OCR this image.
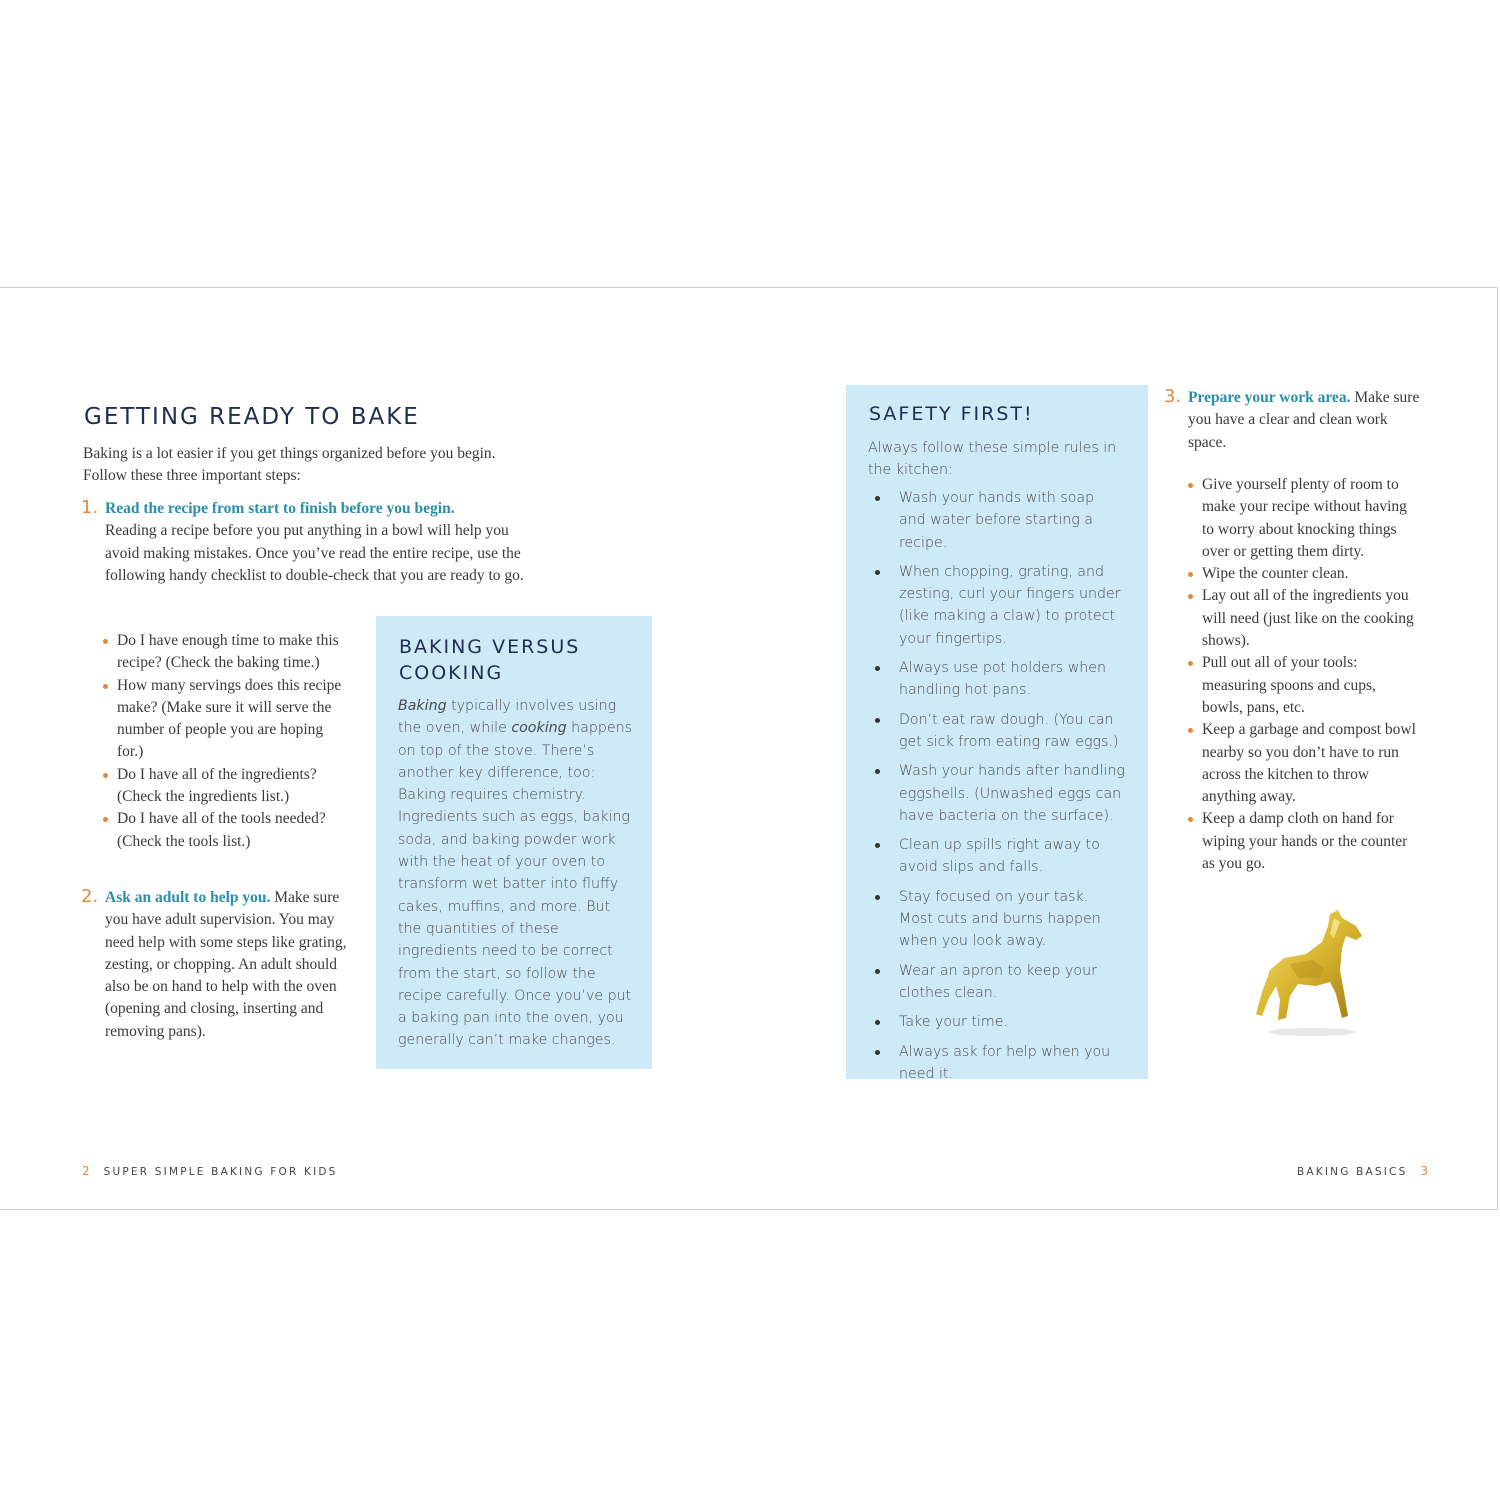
GETTING READY TO BAKE

Baking is a lot easier if you get things organized before you begin. Follow these three important steps:

1. Read the recipe from start to finish before you begin.
Reading a recipe before you put anything in a bowl will help you avoid making mistakes. Once you’ve read the entire recipe, use the following handy checklist to double-check that you are ready to go.
Do I have enough time to make this recipe? (Check the baking time.)
How many servings does this recipe make? (Make sure it will serve the number of people you are hoping for.)
Do I have all of the ingredients? (Check the ingredients list.)
Do I have all of the tools needed? (Check the tools list.)
2. Ask an adult to help you. Make sure you have adult supervision. You may need help with some steps like grating, zesting, or chopping. An adult should also be on hand to help with the oven (opening and closing, inserting and removing pans).
BAKING VERSUS COOKING

Baking typically involves using the oven, while cooking happens on top of the stove. There’s another key difference, too: Baking requires chemistry. Ingredients such as eggs, baking soda, and baking powder work with the heat of your oven to transform wet batter into fluffy cakes, muffins, and more. But the quantities of these ingredients need to be correct from the start, so follow the recipe carefully. Once you’ve put a baking pan into the oven, you generally can’t make changes.

2 SUPER SIMPLE BAKING FOR KIDS
SAFETY FIRST!

Always follow these simple rules in the kitchen:

Wash your hands with soap and water before starting a recipe.
When chopping, grating, and zesting, curl your fingers under (like making a claw) to protect your fingertips.
Always use pot holders when handling hot pans.
Don’t eat raw dough. (You can get sick from eating raw eggs.)
Wash your hands after handling eggshells. (Unwashed eggs can have bacteria on the surface).
Clean up spills right away to avoid slips and falls.
Stay focused on your task. Most cuts and burns happen when you look away.
Wear an apron to keep your clothes clean.
Take your time.
Always ask for help when you need it.
3. Prepare your work area. Make sure you have a clear and clean work space.
Give yourself plenty of room to make your recipe without having to worry about knocking things over or getting them dirty.
Wipe the counter clean.
Lay out all of the ingredients you will need (just like on the cooking shows).
Pull out all of your tools: measuring spoons and cups, bowls, pans, etc.
Keep a garbage and compost bowl nearby so you don’t have to run across the kitchen to throw anything away.
Keep a damp cloth on hand for wiping your hands or the counter as you go.
BAKING BASICS 3
